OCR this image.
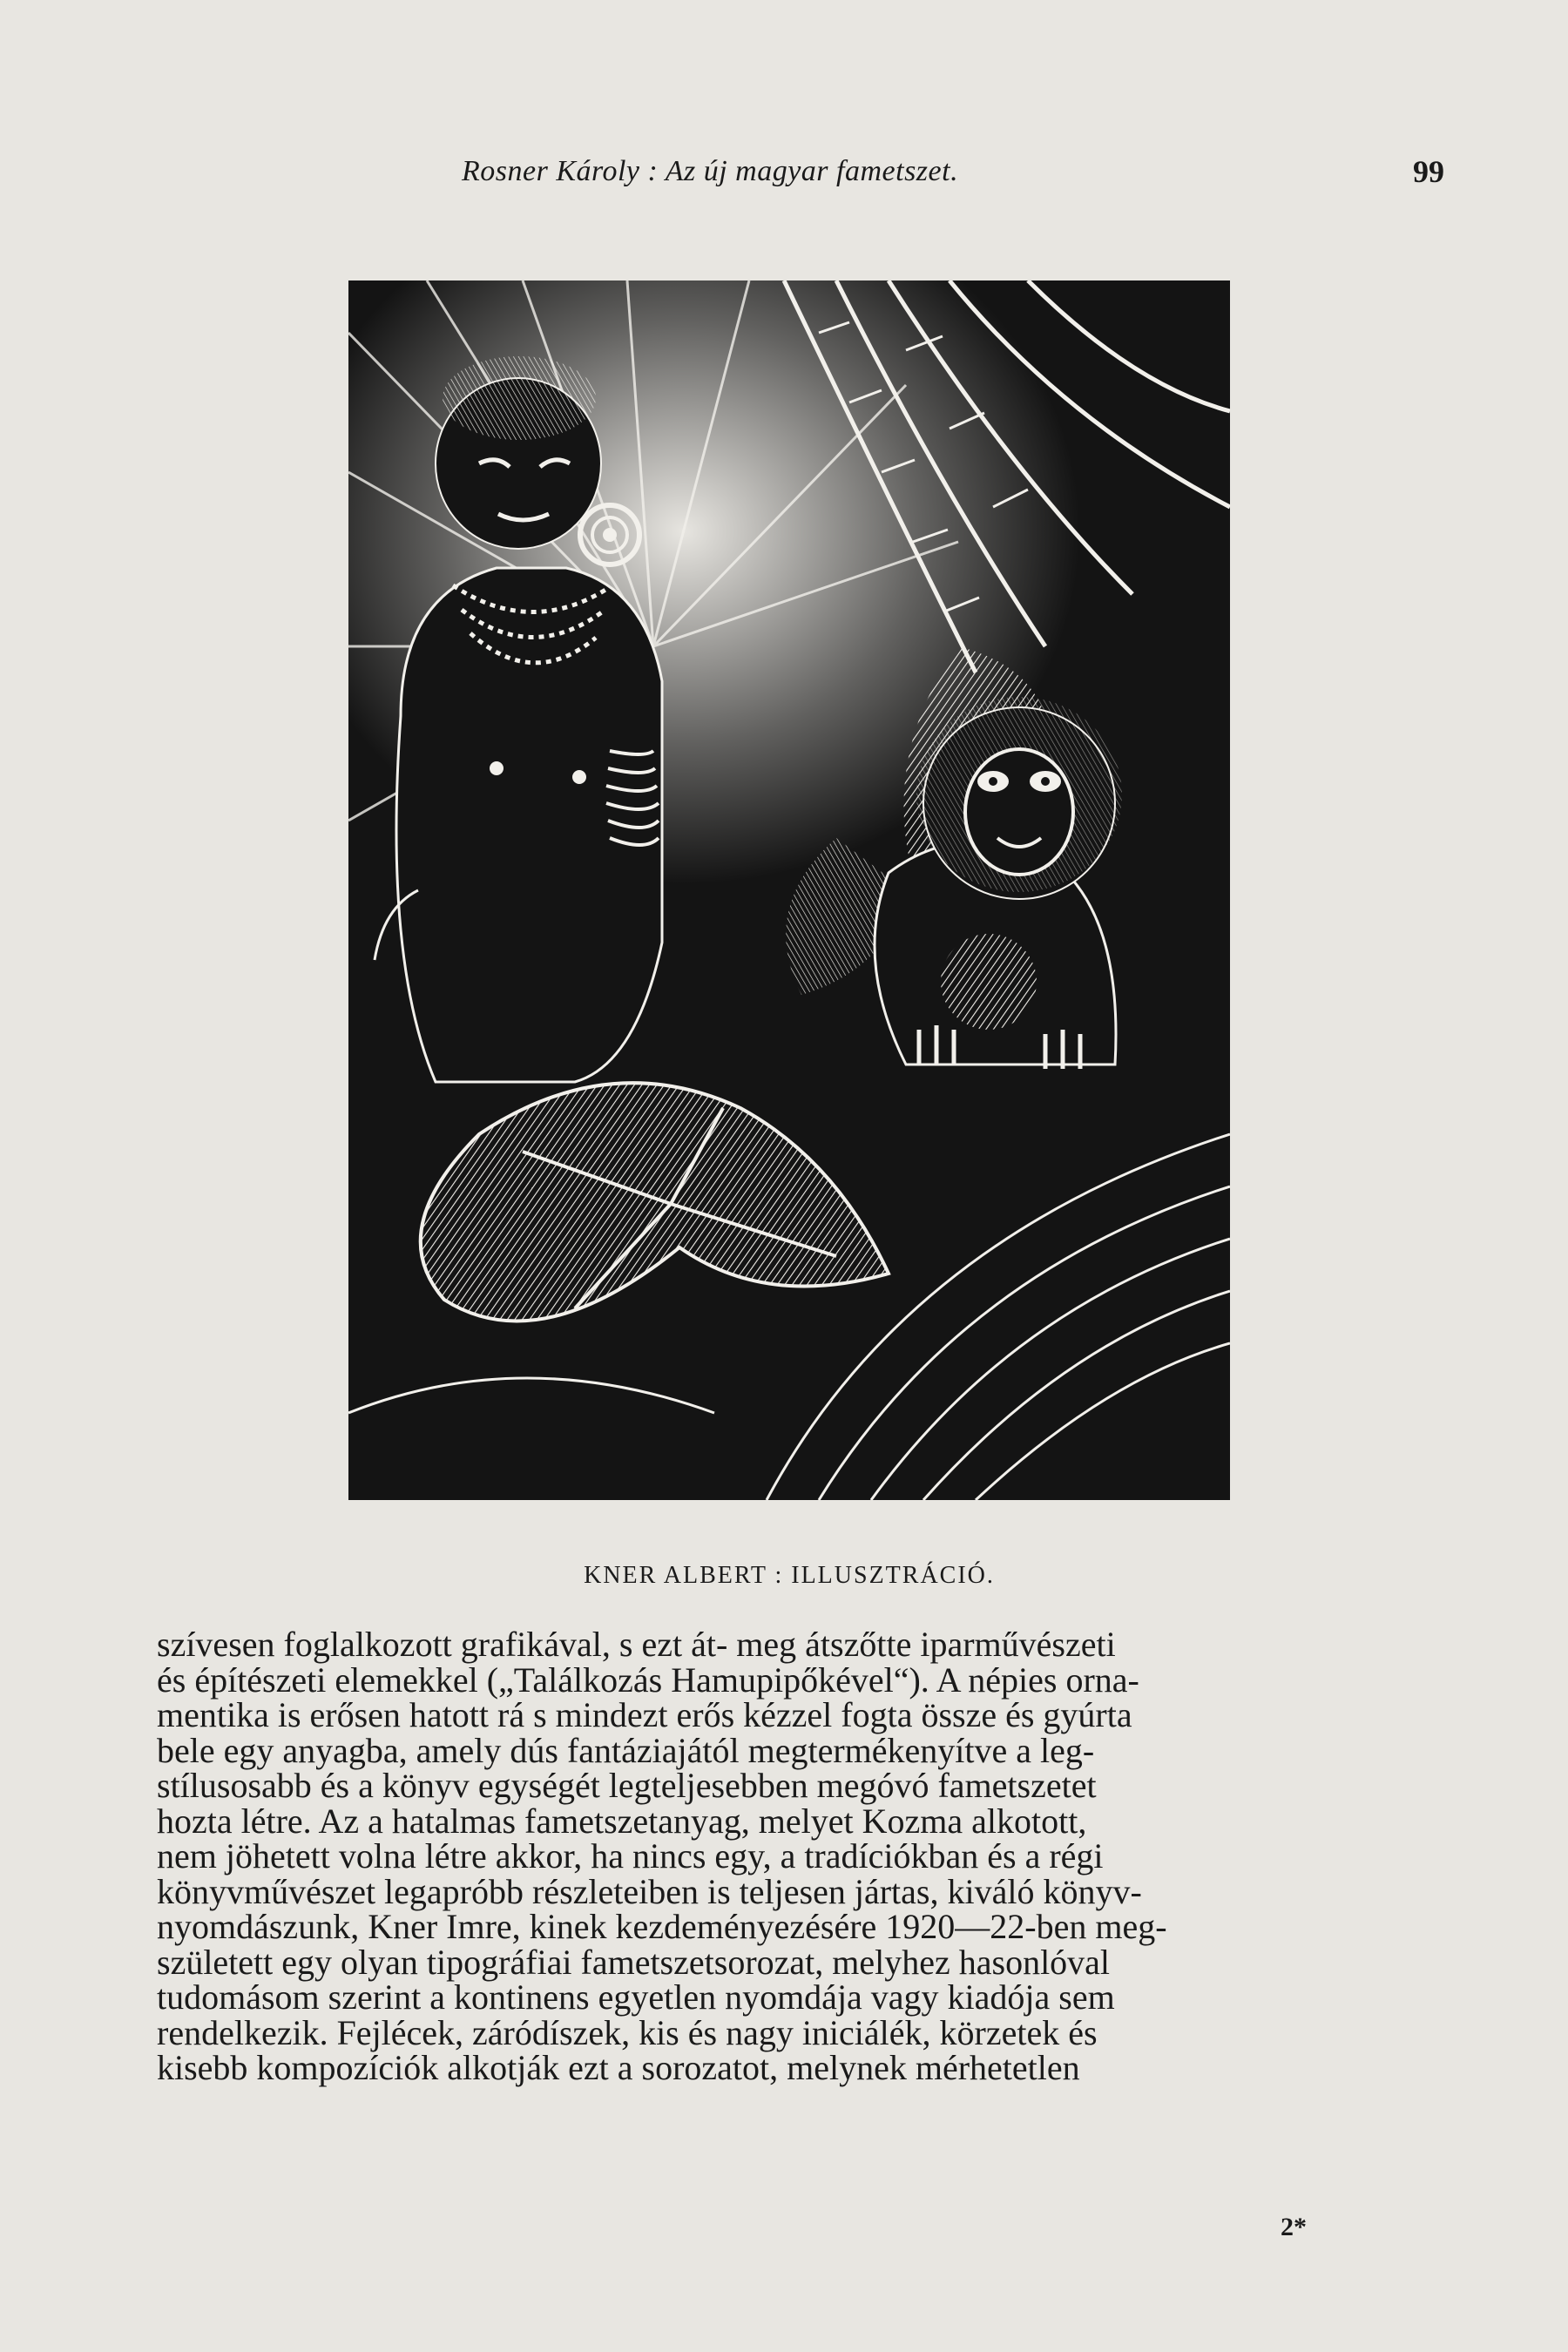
Rosner Károly : Az új magyar fametszet.	99
KNER ALBERT : ILLUSZTRÁCIÓ.
szívesen foglalkozott grafikával, s ezt át- meg átszőtte iparművészeti
és építészeti elemekkel („Találkozás Hamupipőkével“). A népies orna-
mentika is erősen hatott rá s mindezt erős kézzel fogta össze és gyúrta
bele egy anyagba, amely dús fantáziajától megtermékenyítve a leg-
stílusosabb és a könyv egységét legteljesebben megóvó fametszetet
hozta létre. Az a hatalmas fametszetanyag, melyet Kozma alkotott,
nem jöhetett volna létre akkor, ha nincs egy, a tradíciókban és a régi
könyvművészet legapróbb részleteiben is teljesen jártas, kiváló könyv-
nyomdászunk, Kner Imre, kinek kezdeményezésére 1920—22-ben meg-
született egy olyan tipográfiai fametszetsorozat, melyhez hasonlóval
tudomásom szerint a kontinens egyetlen nyomdája vagy kiadója sem
rendelkezik. Fejlécek, záródíszek, kis és nagy iniciálék, körzetek és
kisebb kompozíciók alkotják ezt a sorozatot, melynek mérhetetlen
2*
